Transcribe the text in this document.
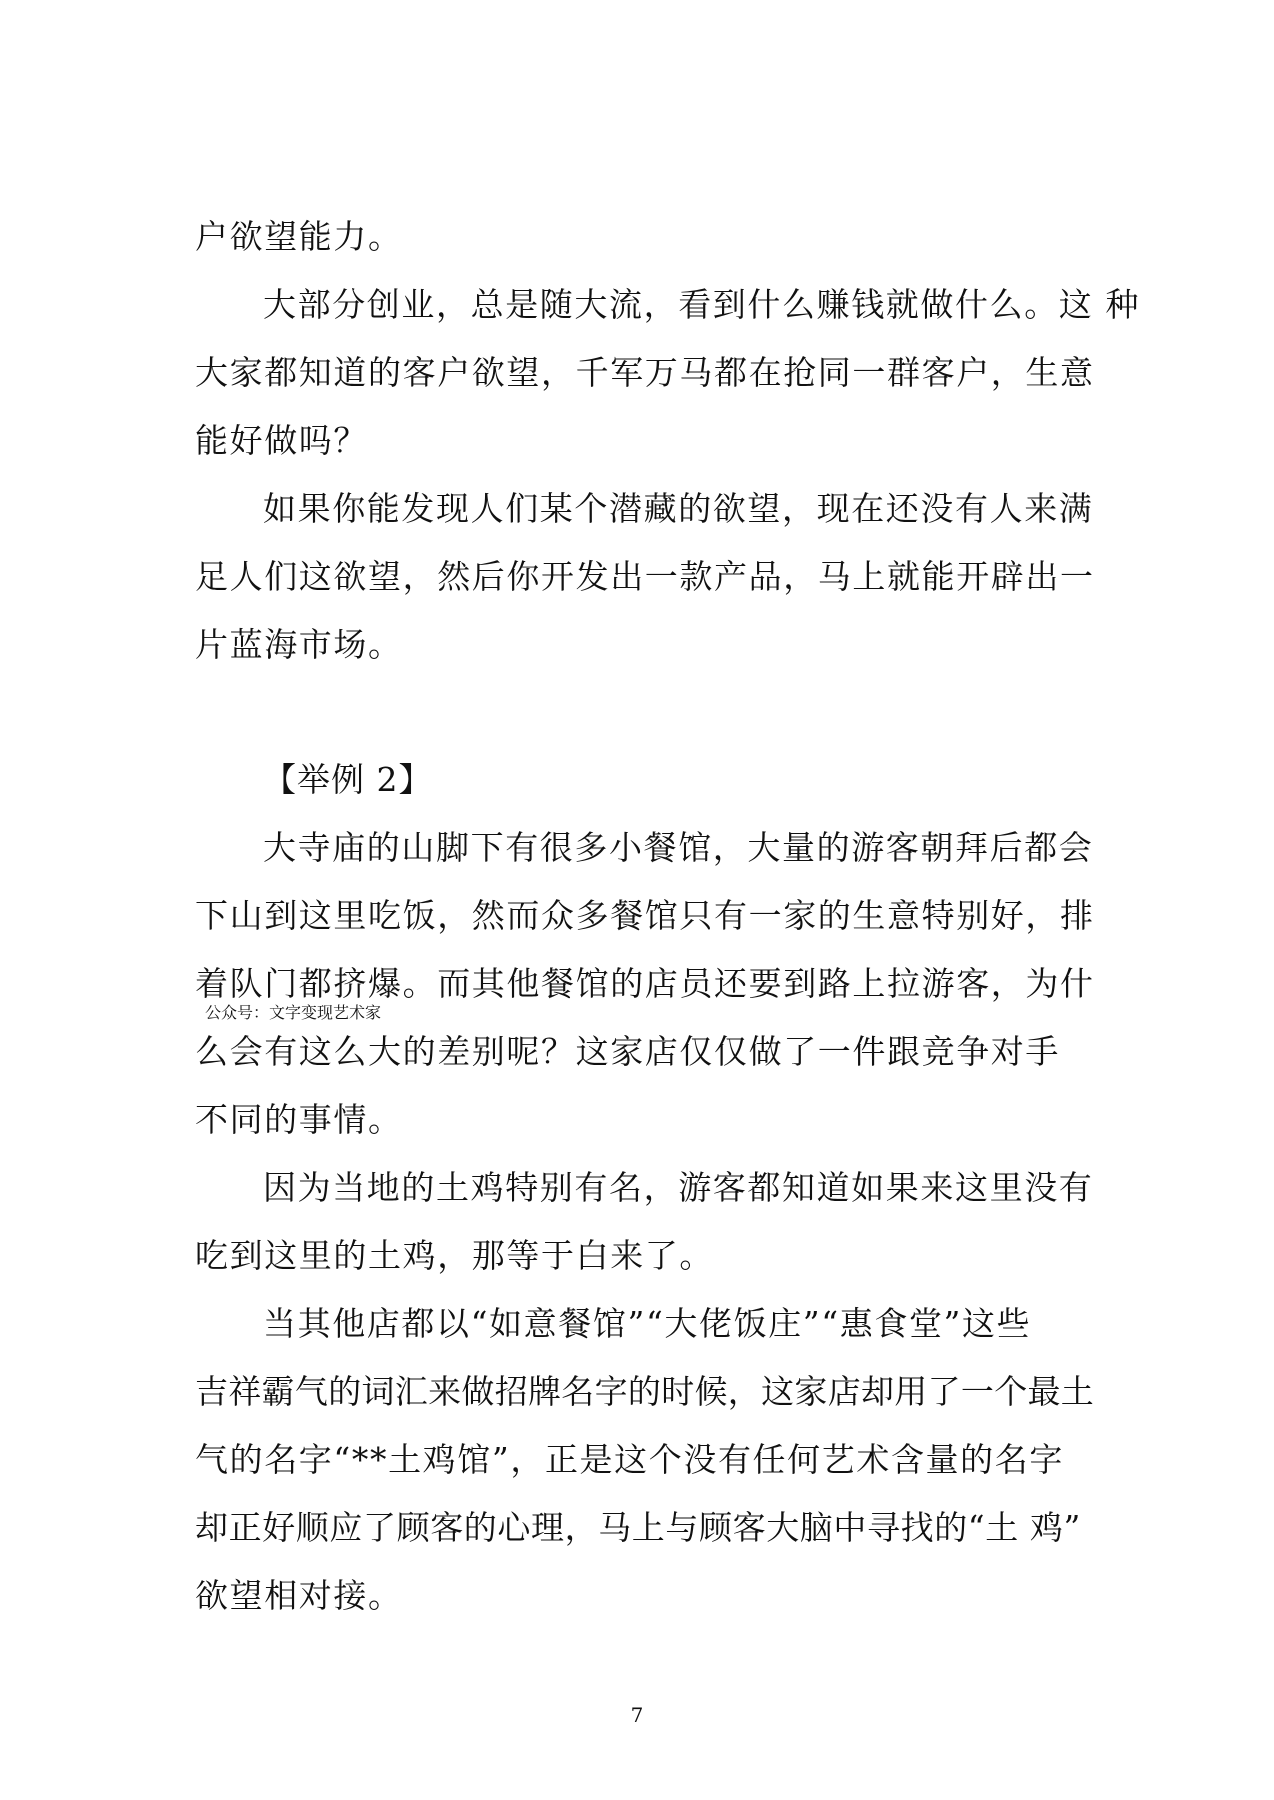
户欲望能力。
大部分创业，总是随大流，看到什么赚钱就做什么。这 种
大家都知道的客户欲望，千军万马都在抢同一群客户，生意
能好做吗？
如果你能发现人们某个潜藏的欲望，现在还没有人来满
足人们这欲望，然后你开发出一款产品，马上就能开辟出一
片蓝海市场。
【举例 2】
大寺庙的山脚下有很多小餐馆，大量的游客朝拜后都会
下山到这里吃饭，然而众多餐馆只有一家的生意特别好，排
着队门都挤爆。而其他餐馆的店员还要到路上拉游客，为什
公众号：文字变现艺术家
么会有这么大的差别呢？这家店仅仅做了一件跟竞争对手
不同的事情。
因为当地的土鸡特别有名，游客都知道如果来这里没有
吃到这里的土鸡，那等于白来了。
当其他店都以“如意餐馆”“大佬饭庄”“惠食堂”这些
吉祥霸气的词汇来做招牌名字的时候，这家店却用了一个最土
气的名字“**土鸡馆”，正是这个没有任何艺术含量的名字
却正好顺应了顾客的心理，马上与顾客大脑中寻找的“土 鸡”
欲望相对接。
7
